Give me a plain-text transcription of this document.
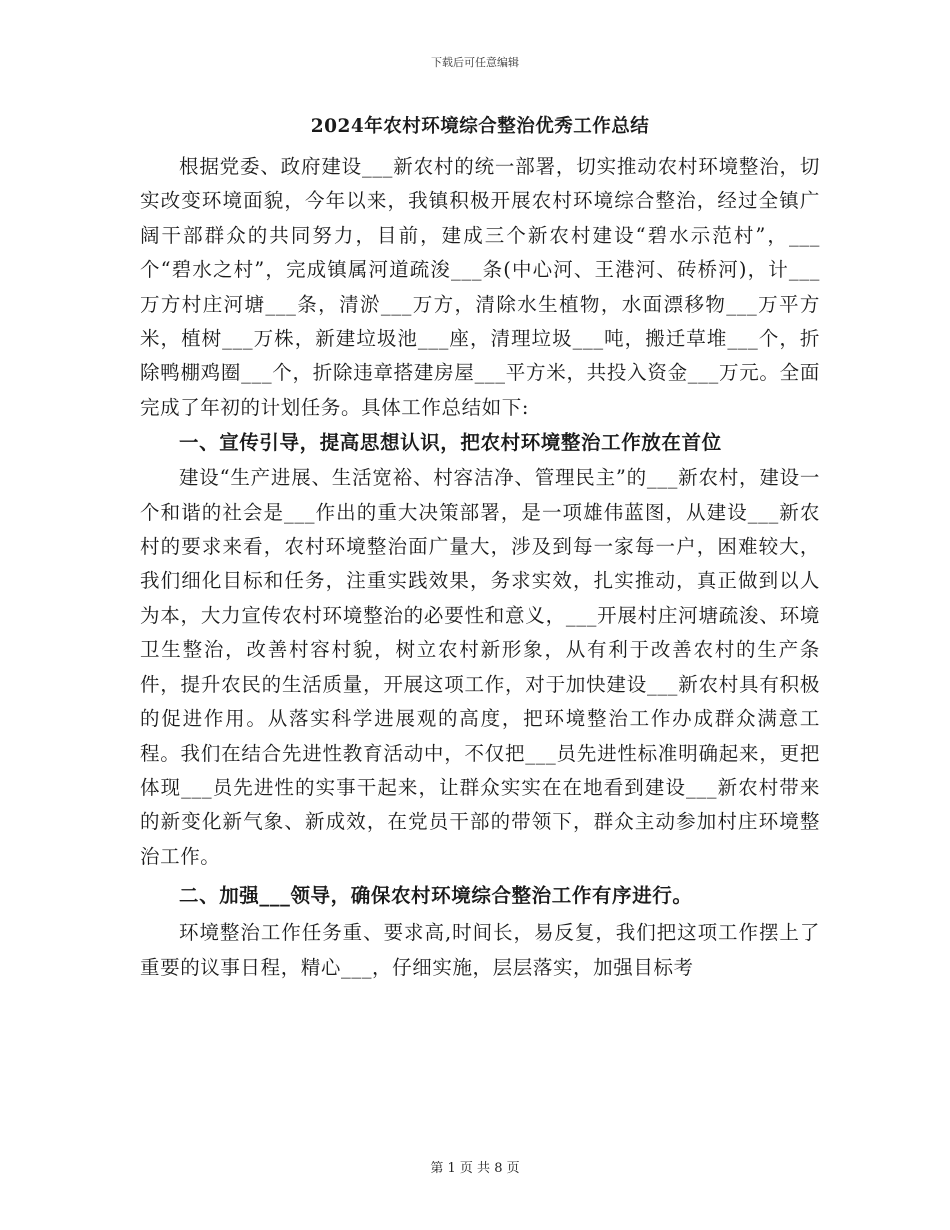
下载后可任意编辑
2024年农村环境综合整治优秀工作总结

根据党委、政府建设___新农村的统一部署，切实推动农村环境整治，切实改变环境面貌，今年以来，我镇积极开展农村环境综合整治，经过全镇广阔干部群众的共同努力，目前，建成三个新农村建设“碧水示范村”，___个“碧水之村”，完成镇属河道疏浚___条(中心河、王港河、砖桥河)，计___万方村庄河塘___条，清淤___万方，清除水生植物，水面漂移物___万平方米，植树___万株，新建垃圾池___座，清理垃圾___吨，搬迁草堆___个，折除鸭棚鸡圈___个，折除违章搭建房屋___平方米，共投入资金___万元。全面完成了年初的计划任务。具体工作总结如下:

一、宣传引导，提高思想认识，把农村环境整治工作放在首位

建设“生产进展、生活宽裕、村容洁净、管理民主”的___新农村，建设一个和谐的社会是___作出的重大决策部署，是一项雄伟蓝图，从建设___新农村的要求来看，农村环境整治面广量大，涉及到每一家每一户，困难较大，我们细化目标和任务，注重实践效果，务求实效，扎实推动，真正做到以人为本，大力宣传农村环境整治的必要性和意义，___开展村庄河塘疏浚、环境卫生整治，改善村容村貌，树立农村新形象，从有利于改善农村的生产条件，提升农民的生活质量，开展这项工作，对于加快建设___新农村具有积极的促进作用。从落实科学进展观的高度，把环境整治工作办成群众满意工程。我们在结合先进性教育活动中，不仅把___员先进性标准明确起来，更把体现___员先进性的实事干起来，让群众实实在在地看到建设___新农村带来的新变化新气象、新成效，在党员干部的带领下，群众主动参加村庄环境整治工作。

二、加强___领导，确保农村环境综合整治工作有序进行。

环境整治工作任务重、要求高,时间长，易反复，我们把这项工作摆上了重要的议事日程，精心___，仔细实施，层层落实，加强目标考

第 1 页 共 8 页
